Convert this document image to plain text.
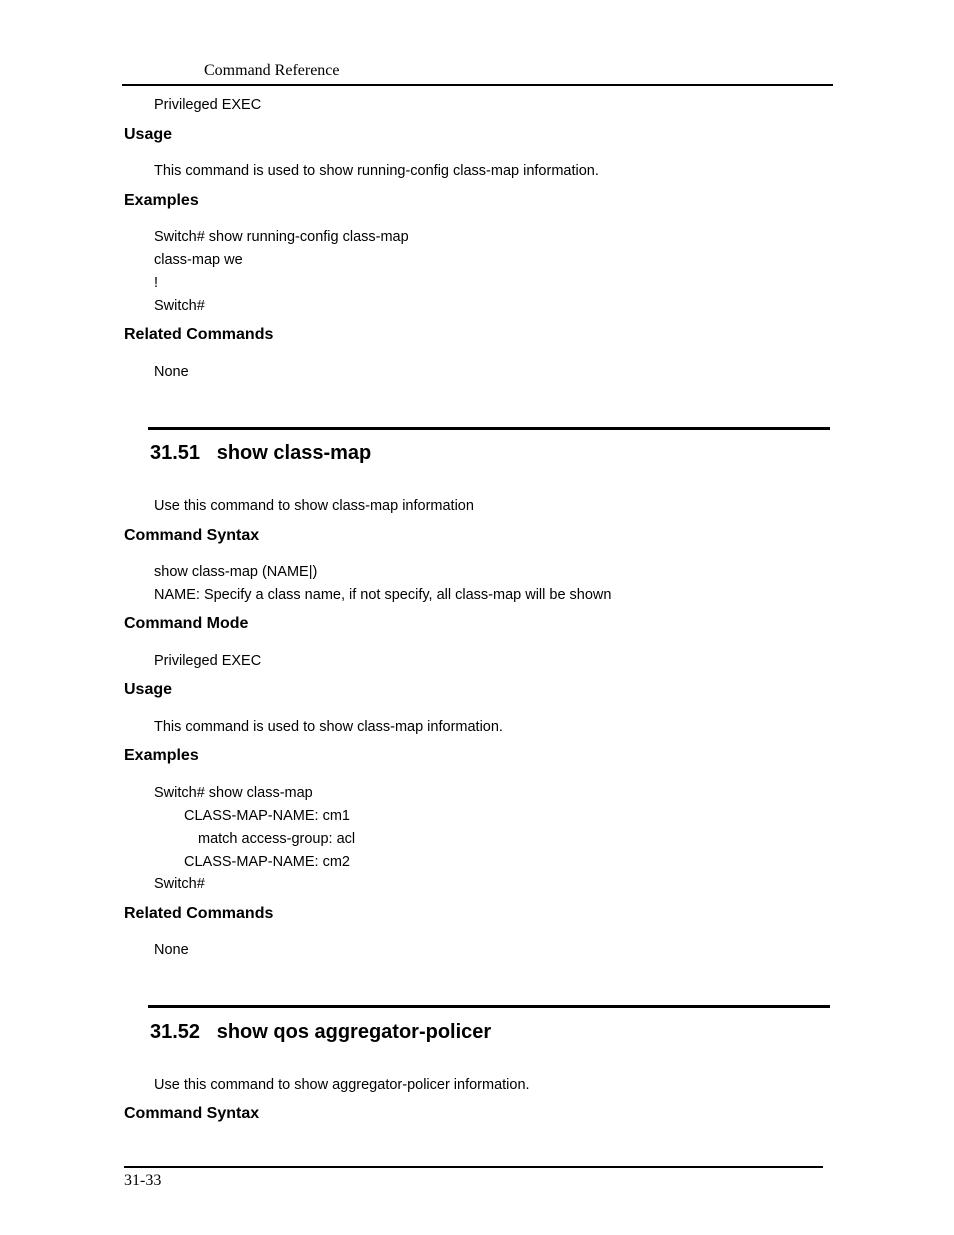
Command Reference
Privileged EXEC
Usage
This command is used to show running-config class-map information.
Examples
Switch# show running-config class-map
class-map we
!
Switch#
Related Commands
None
31.51   show class-map
Use this command to show class-map information
Command Syntax
show class-map (NAME|)
NAME: Specify a class name, if not specify, all class-map will be shown
Command Mode
Privileged EXEC
Usage
This command is used to show class-map information.
Examples
Switch# show class-map
CLASS-MAP-NAME: cm1
match access-group: acl
CLASS-MAP-NAME: cm2
Switch#
Related Commands
None
31.52   show qos aggregator-policer
Use this command to show aggregator-policer information.
Command Syntax
31-33
